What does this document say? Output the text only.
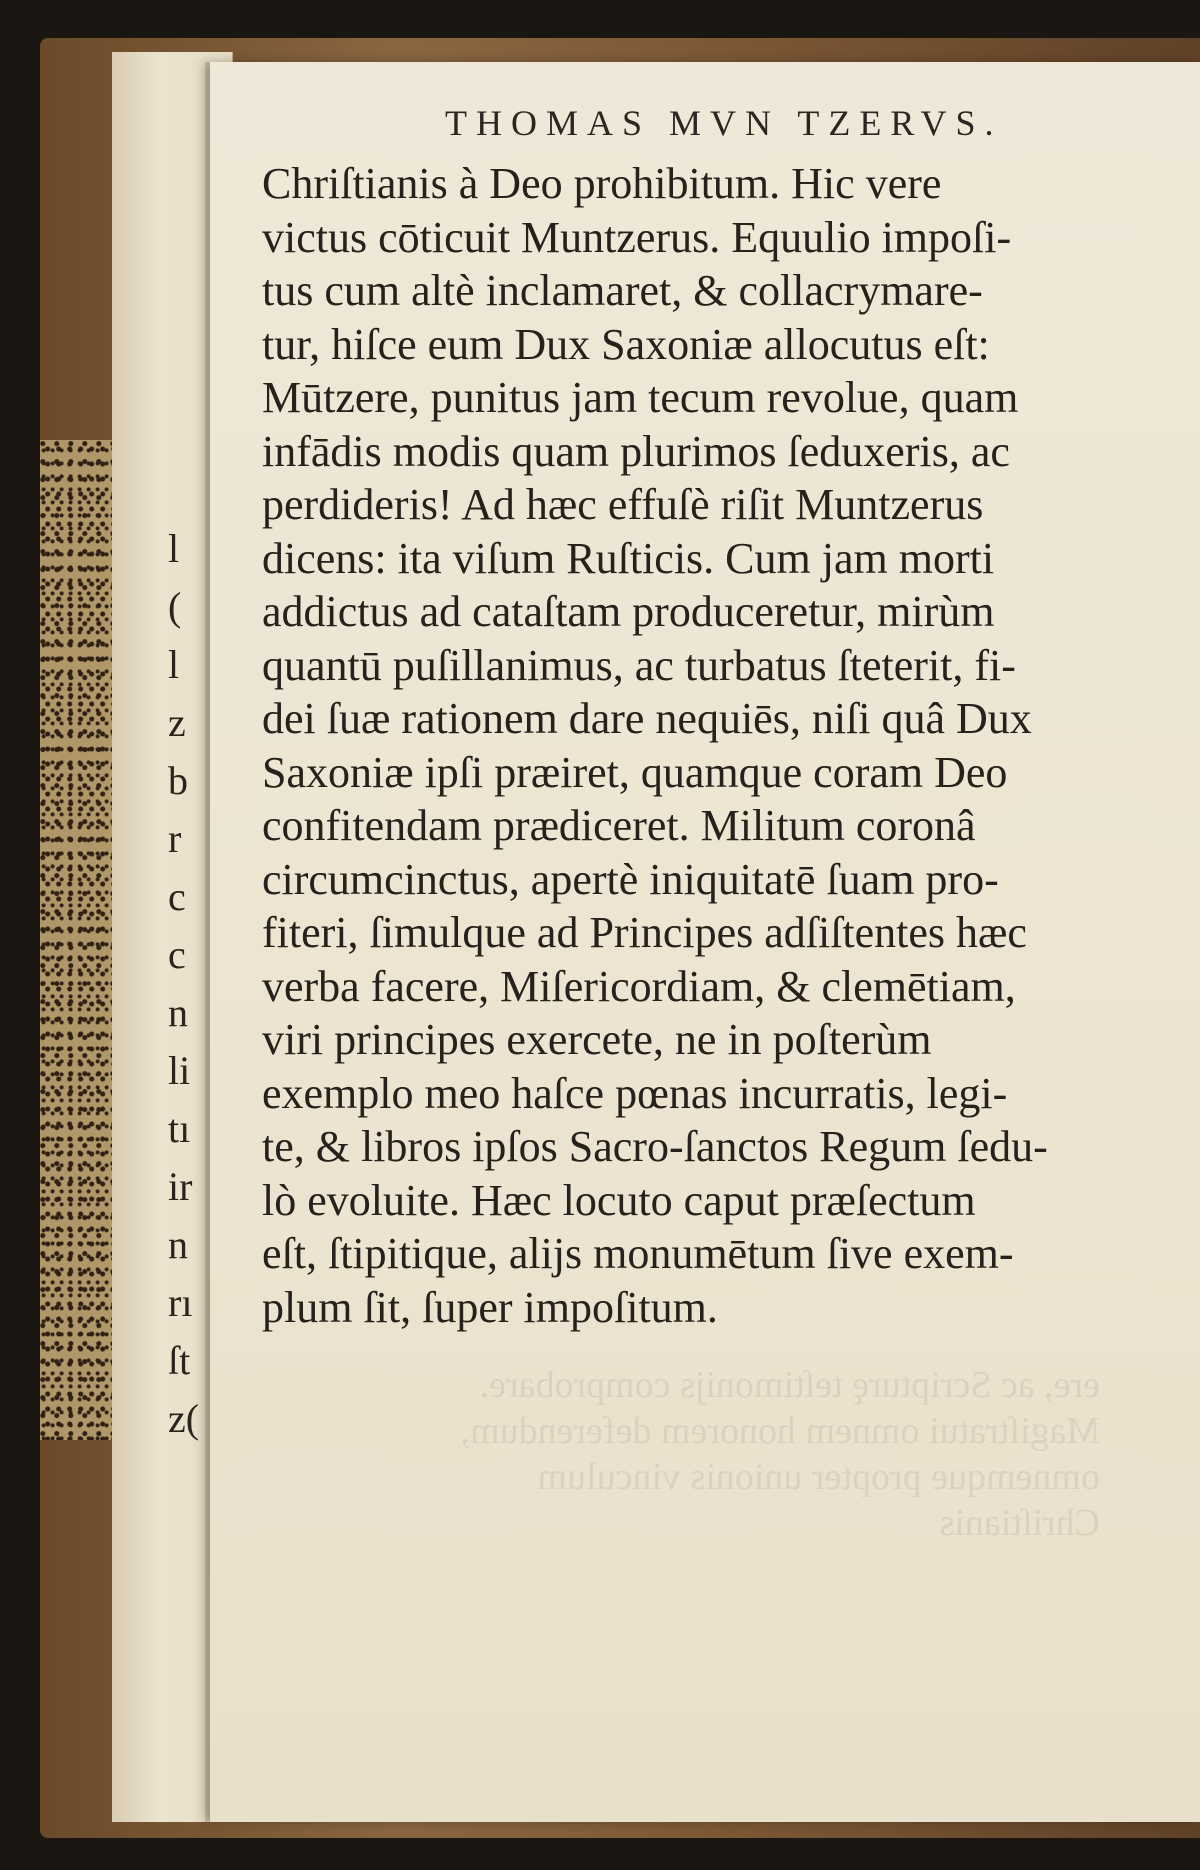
l
(
l
z
b
r
c
c
n
li
tı
ir
n
rı
ſt
z(
THOMAS MVN TZERVS.
ere, ac Scripturę teſtimonijs comprobare.
Magiſtratui omnem honorem deferendum,
omnemque propter unionis vinculum
Chriſtianis
Chriſtianis à Deo prohibitum. Hic vere
victus cōticuit Muntzerus. Equulio impoſi-
tus cum altè inclamaret, & collacrymare-
tur, hiſce eum Dux Saxoniæ allocutus eſt:
Mūtzere, punitus jam tecum revolue, quam
infādis modis quam plurimos ſeduxeris, ac
perdideris! Ad hæc effuſè riſit Muntzerus
dicens: ita viſum Ruſticis. Cum jam morti
addictus ad cataſtam produceretur, mirùm
quantū puſillanimus, ac turbatus ſteterit, fi-
dei ſuæ rationem dare nequiēs, niſi quâ Dux
Saxoniæ ipſi præiret, quamque coram Deo
confitendam prædiceret. Militum coronâ
circumcinctus, apertè iniquitatē ſuam pro-
fiteri, ſimulque ad Principes adſiſtentes hæc
verba facere, Miſericordiam, & clemētiam,
viri principes exercete, ne in poſterùm
exemplo meo haſce pœnas incurratis, legi-
te, & libros ipſos Sacro-ſanctos Regum ſedu-
lò evoluite. Hæc locuto caput præſectum
eſt, ſtipitique, alijs monumētum ſive exem-
plum ſit, ſuper impoſitum.
